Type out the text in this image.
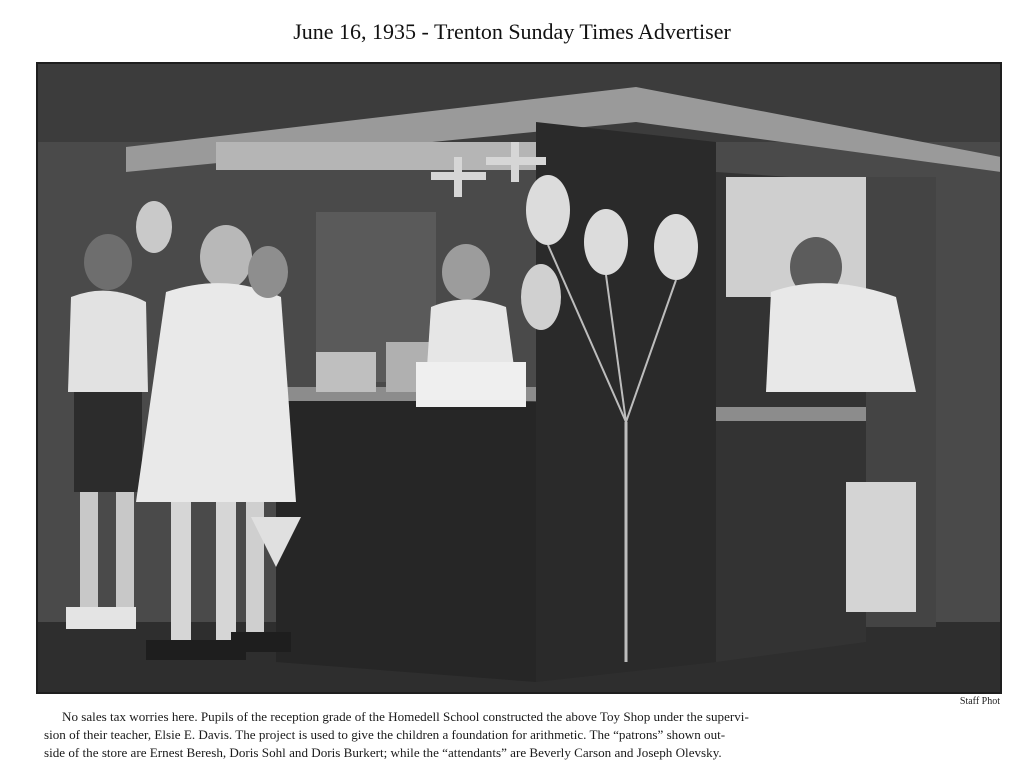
June 16, 1935 - Trenton Sunday Times Advertiser
Staff Phot
No sales tax worries here. Pupils of the reception grade of the Homedell School constructed the above Toy Shop under the supervi-
sion of their teacher, Elsie E. Davis. The project is used to give the children a foundation for arithmetic. The “patrons” shown out-
side of the store are Ernest Beresh, Doris Sohl and Doris Burkert; while the “attendants” are Beverly Carson and Joseph Olevsky.
